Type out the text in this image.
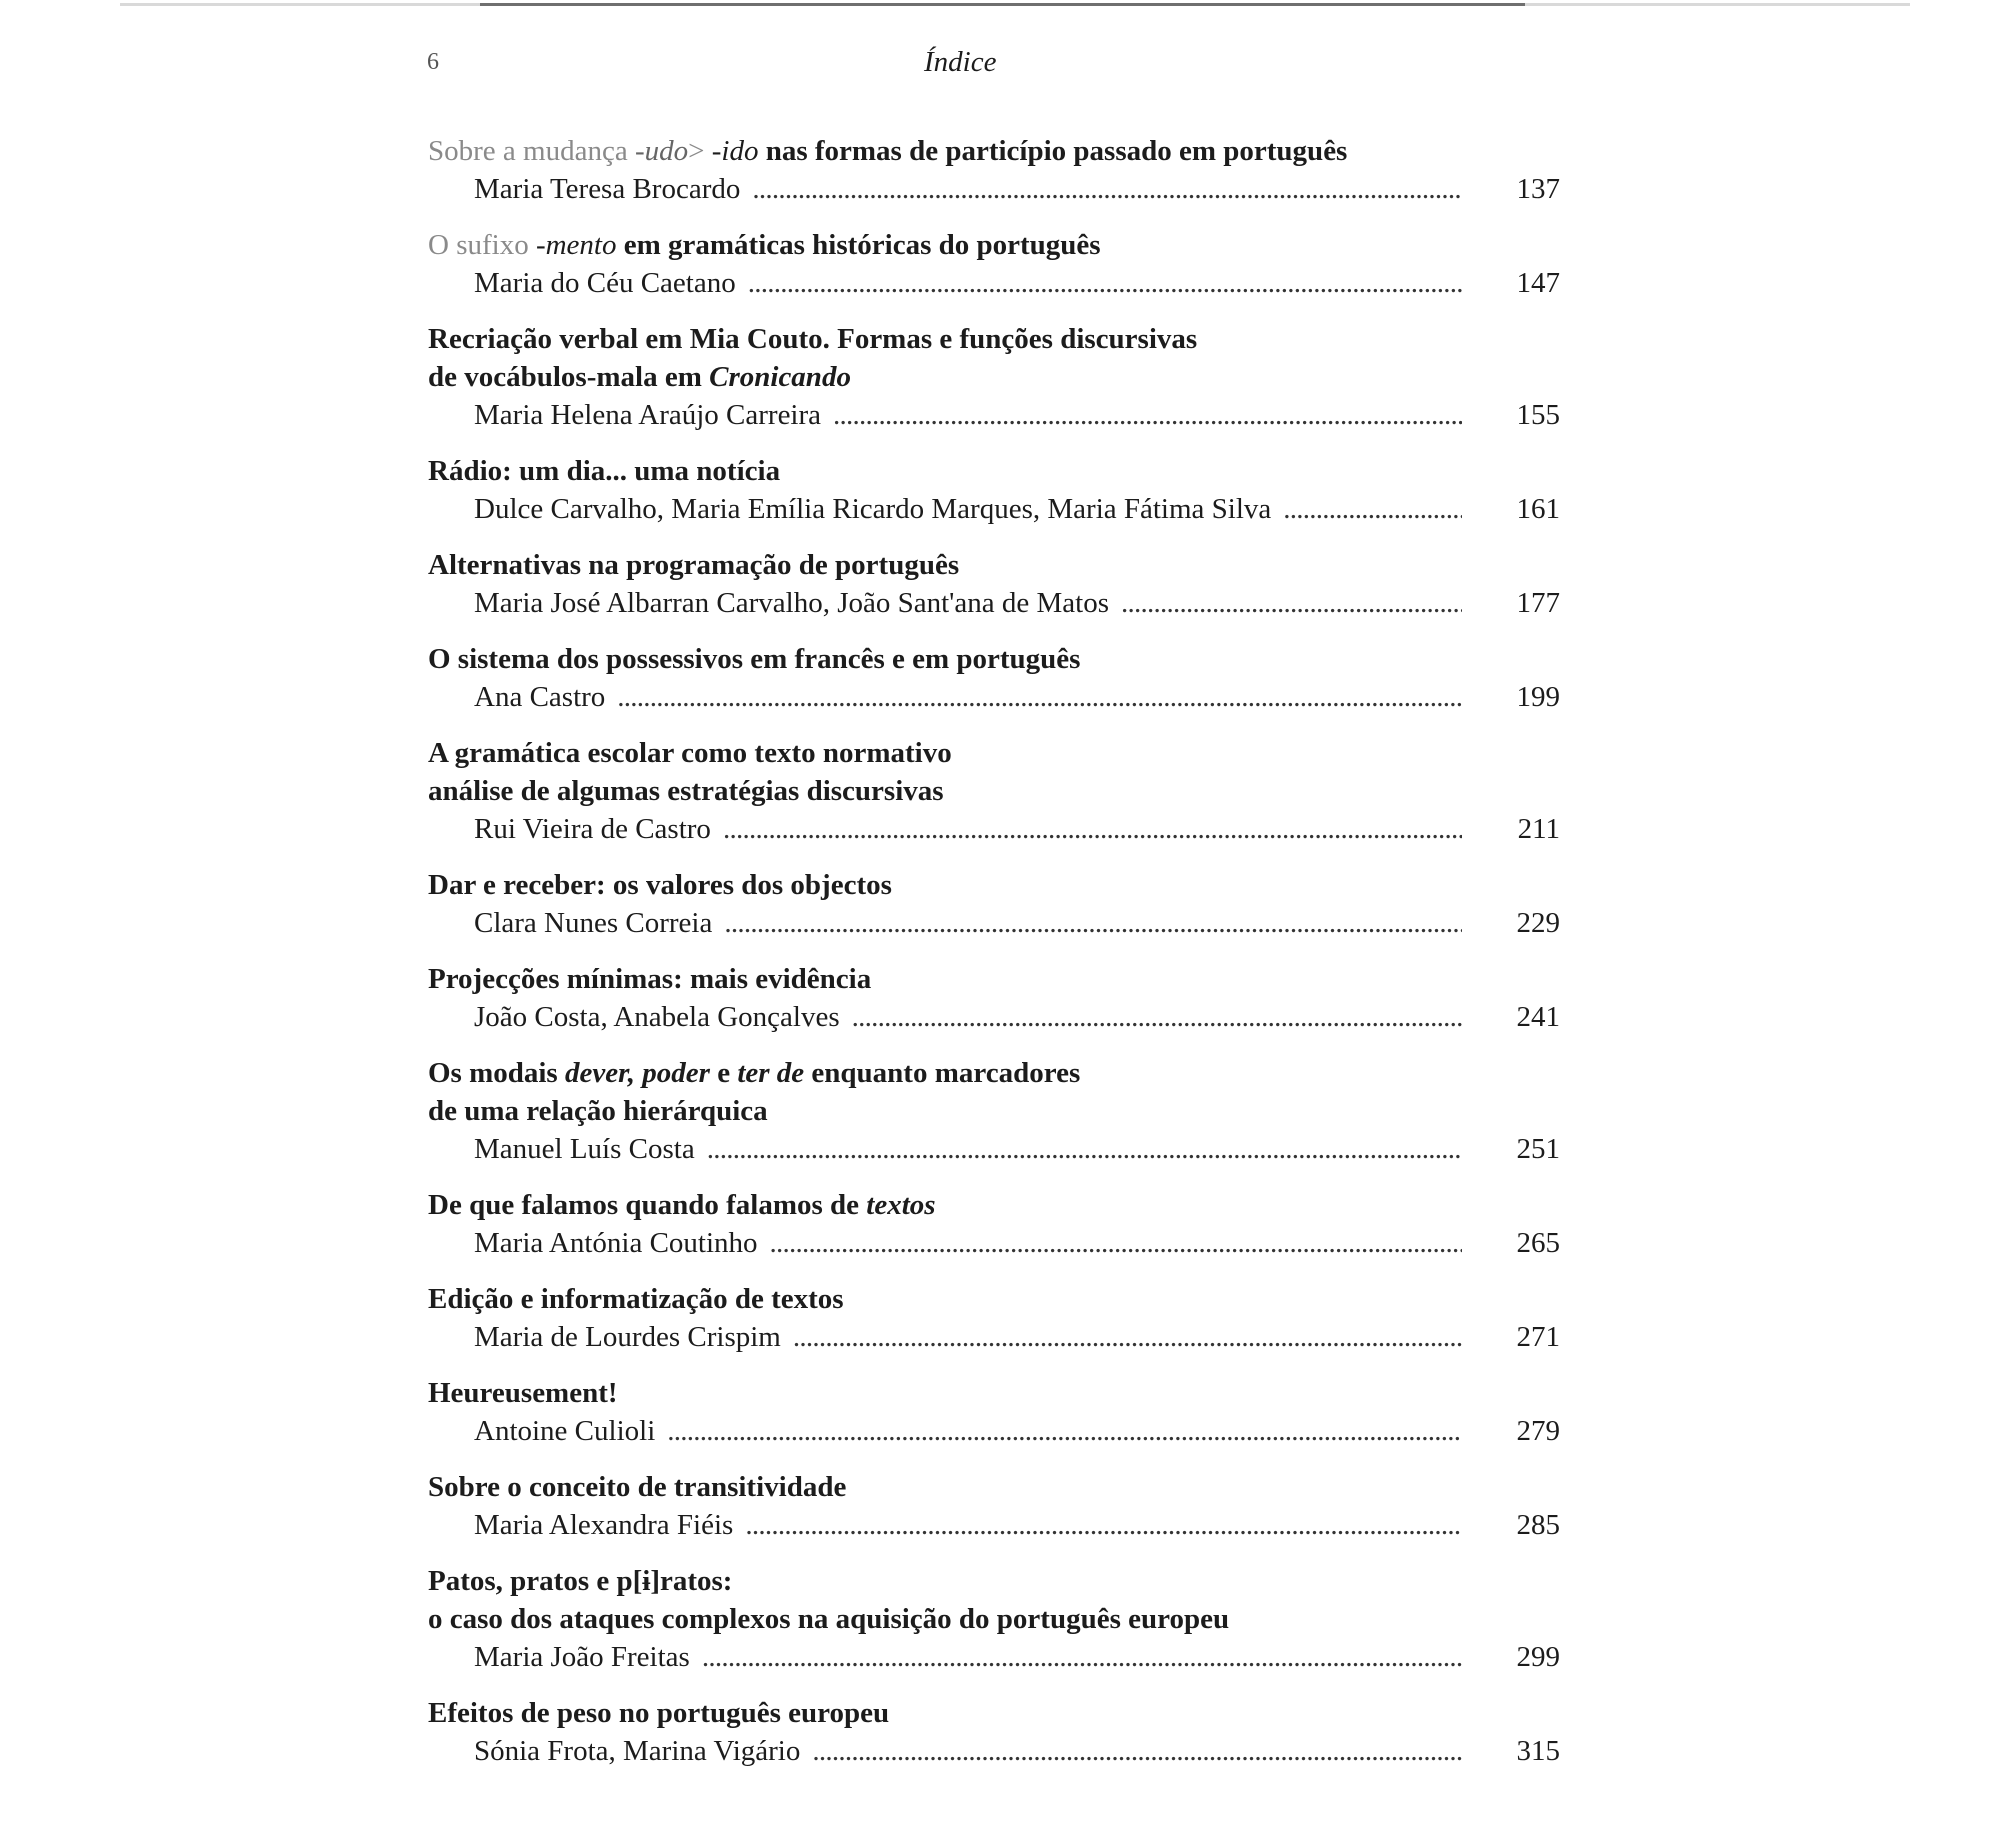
6	Índice
Sobre a mudança -udo> -ido nas formas de particípio passado em português
Maria Teresa Brocardo . . .	137
O sufixo -mento em gramáticas históricas do português
Maria do Céu Caetano . . .	147
Recriação verbal em Mia Couto. Formas e funções discursivas
de vocábulos-mala em Cronicando
Maria Helena Araújo Carreira . . .	155
Rádio: um dia... uma notícia
Dulce Carvalho, Maria Emília Ricardo Marques, Maria Fátima Silva . . .	161
Alternativas na programação de português
Maria José Albarran Carvalho, João Sant'ana de Matos . . .	177
O sistema dos possessivos em francês e em português
Ana Castro . . .	199
A gramática escolar como texto normativo
análise de algumas estratégias discursivas
Rui Vieira de Castro . . .	211
Dar e receber: os valores dos objectos
Clara Nunes Correia . . .	229
Projecções mínimas: mais evidência
João Costa, Anabela Gonçalves . . .	241
Os modais dever, poder e ter de enquanto marcadores
de uma relação hierárquica
Manuel Luís Costa . . .	251
De que falamos quando falamos de textos
Maria Antónia Coutinho . . .	265
Edição e informatização de textos
Maria de Lourdes Crispim . . .	271
Heureusement!
Antoine Culioli . . .	279
Sobre o conceito de transitividade
Maria Alexandra Fiéis . . .	285
Patos, pratos e p[ɨ]ratos:
o caso dos ataques complexos na aquisição do português europeu
Maria João Freitas . . .	299
Efeitos de peso no português europeu
Sónia Frota, Marina Vigário . . .	315
